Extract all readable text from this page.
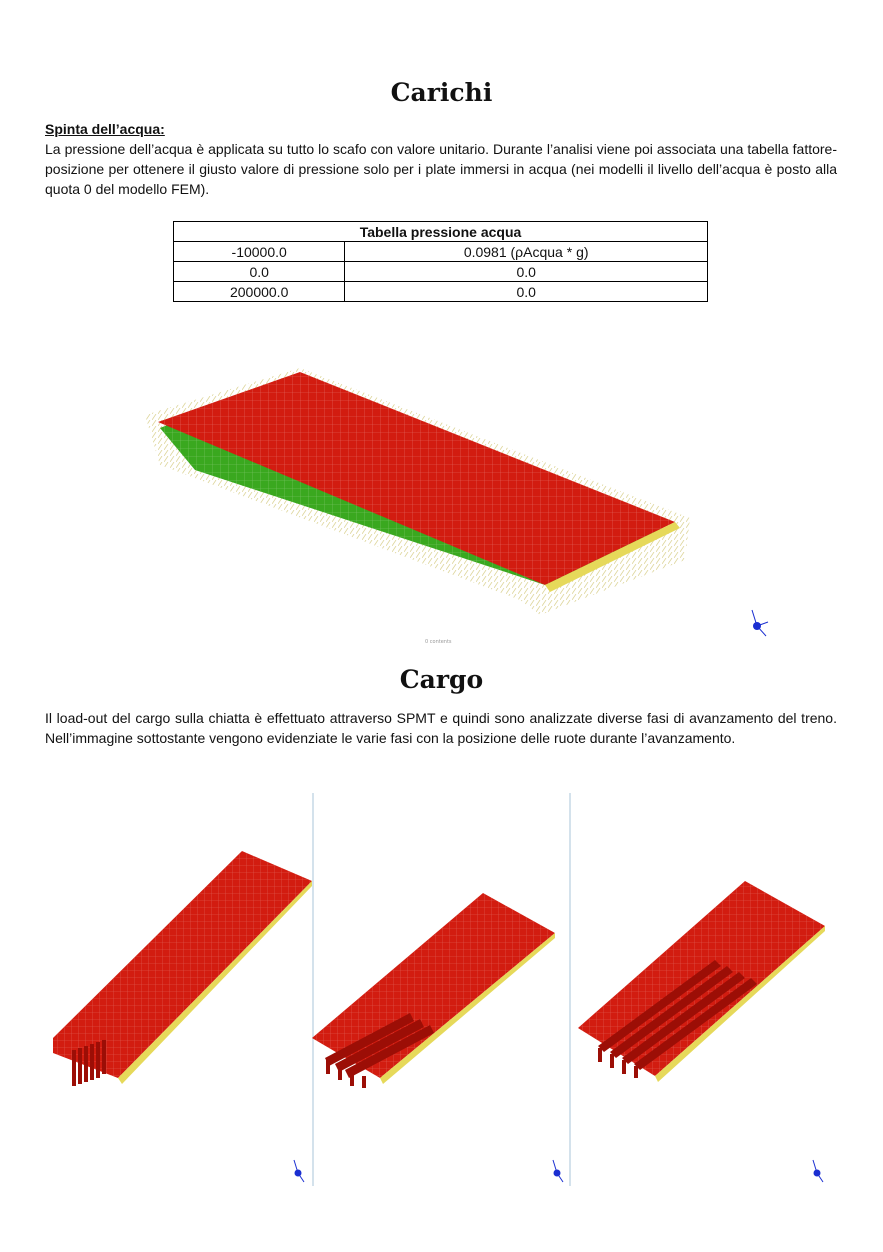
Carichi
Spinta dell’acqua:
La pressione dell’acqua è applicata su tutto lo scafo con valore unitario. Durante l’analisi viene poi associata una tabella fattore-posizione per ottenere il giusto valore di pressione solo per i plate immersi in acqua (nei modelli il livello dell’acqua è posto alla quota 0 del modello FEM).
Tabella pressione acqua	
-10000.0	0.0981 (ρAcqua * g)
0.0	0.0
200000.0	0.0
0 contents
Cargo
Il load-out del cargo sulla chiatta è effettuato attraverso SPMT e quindi sono analizzate diverse fasi di avanzamento del treno. Nell’immagine sottostante vengono evidenziate le varie fasi con la posizione delle ruote durante l’avanzamento.
